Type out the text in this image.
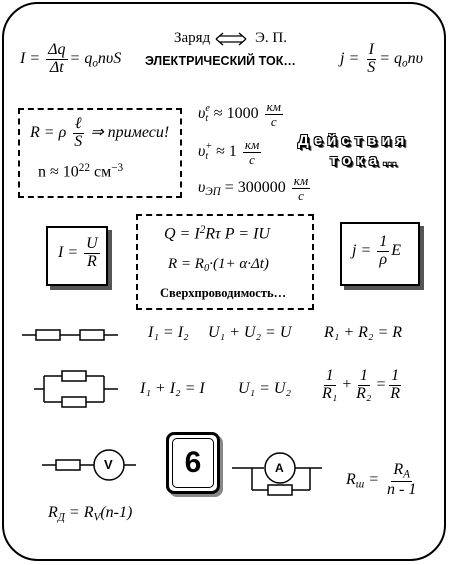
Заряд	Э. П.
ЭЛЕКТРИЧЕСКИЙ ТОК…
$I = \frac{\Delta q}{\Delta t} = q_on\upsilon S$	$j = \frac{I}{S} = q_on\upsilon$
R = ρ $\frac{\text{ℓ}}{S}$ ⇒ примеси!
$n \approx 10^{22}$ $см^{-3}$
υ e
$t \approx 1000 \frac{км}{с}$
υ +
$t \approx 1 \frac{км}{с}$
$\upsilon_{ЭП} = 300000 \frac{км}{с}$
Действия
тока…
$I = \frac{U}{R}$
$Q = I^2R\tau$ P = IU
$R = R_0\cdot(1+ \alpha\cdot\Delta t)$
Сверхпроводимость…
$j = \frac{1}{\rho}$ E
I₁ = I₂ U₁ + U₂ = U R₁ + R₂ = R
I₁ + I₂ = I $U_1 = U_2 \frac{1}{\text{R₁}} + \frac{1}{\text{R₂}} = \frac{1}{R}$
V
$R_Д = R_V(n-1)$
6	A
$R_ш = \frac{R_A}{n - 1}$
